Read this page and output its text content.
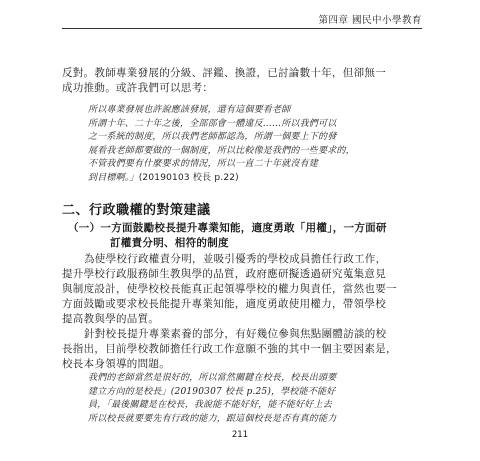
第四章 國民中小學教育
反對。教師專業發展的分級、評鑑、換證，已討論數十年，但卻無一
成功推動。或許我們可以思考：
所以專業發展也許說應該發展，還有這個要看老師
所謂十年、二十年之後，全部部會一體違反……所以我們可以
之一系統的制度，所以我們老師都認為，所謂一個要上下的發
展看我老師都要做的一個制度，所以比較像是我們的一些要求的，
不管我們要有什麼要求的情況，所以一直二十年就沒有建
到目標啊。」(20190103 校長 p.22)
二、行政職權的對策建議
（一）一方面鼓勵校長提升專業知能，適度勇敢「用權」，一方面研
訂權責分明、相符的制度
為使學校行政權責分明，並吸引優秀的學校成員擔任行政工作，
提升學校行政服務師生教與學的品質，政府應研擬透過研究蒐集意見
與制度設計，使學校校長能真正起領導學校的權力與責任，當然也要一
方面鼓勵或要求校長能提升專業知能，適度勇敢使用權力，帶領學校
提高教與學的品質。
針對校長提升專業素養的部分，有好幾位參與焦點團體訪談的校
長指出，目前學校教師擔任行政工作意願不強的其中一個主要因素是，
校長本身領導的問題。
我們的老師當然是很好的，所以當然關鍵在校長，校長出頭要
建立方向的是校長」(20190307 校長 p.25)，學校能不能好
員，「最後關鍵是在校長，我說能不能好好，能不能好好上去
所以校長就要要先有行政的能力，跟這個校長是否有真的能力
211
